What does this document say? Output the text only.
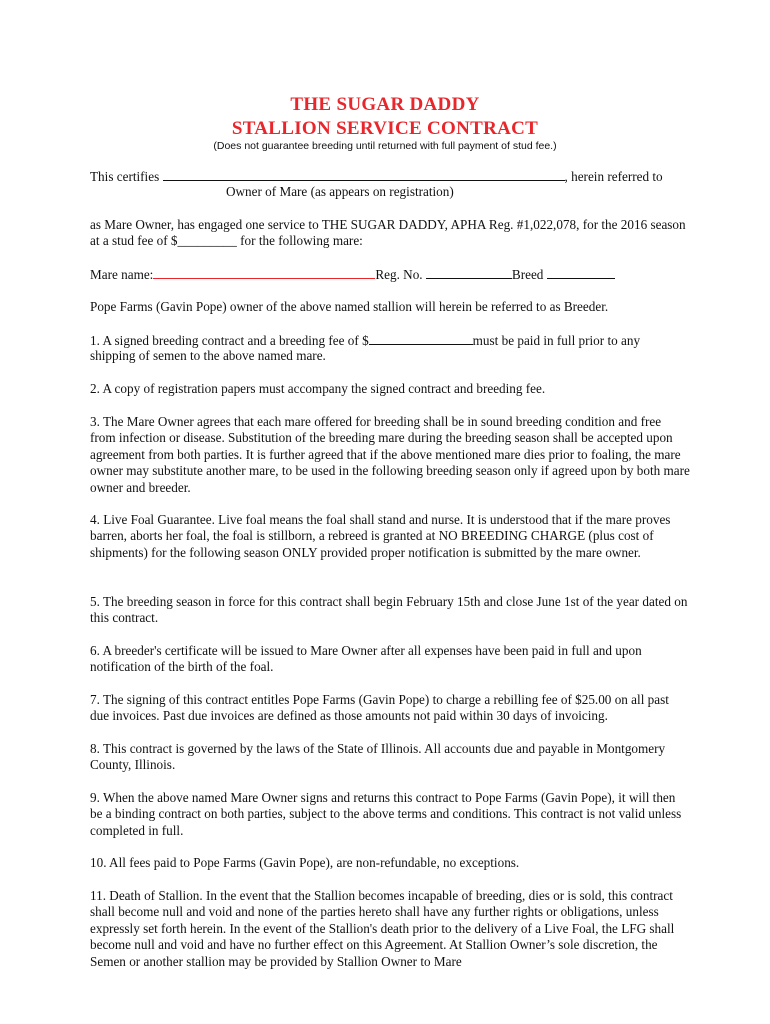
THE SUGAR DADDY
STALLION SERVICE CONTRACT
(Does not guarantee breeding until returned with full payment of stud fee.)
This certifies	, herein referred to
Owner of Mare (as appears on registration)
as Mare Owner, has engaged one service to THE SUGAR DADDY, APHA Reg. #1,022,078, for the 2016 season at a stud fee of $_________ for the following mare:
Mare name:	Reg. No.	Breed
Pope Farms (Gavin Pope) owner of the above named stallion will herein be referred to as Breeder.
1. A signed breeding contract and a breeding fee of $	must be paid in full prior to any
shipping of semen to the above named mare.
2. A copy of registration papers must accompany the signed contract and breeding fee.
3. The Mare Owner agrees that each mare offered for breeding shall be in sound breeding condition and free from infection or disease. Substitution of the breeding mare during the breeding season shall be accepted upon agreement from both parties. It is further agreed that if the above mentioned mare dies prior to foaling, the mare owner may substitute another mare, to be used in the following breeding season only if agreed upon by both mare owner and breeder.
4. Live Foal Guarantee. Live foal means the foal shall stand and nurse. It is understood that if the mare proves barren, aborts her foal, the foal is stillborn, a rebreed is granted at NO BREEDING CHARGE (plus cost of shipments) for the following season ONLY provided proper notification is submitted by the mare owner.
5. The breeding season in force for this contract shall begin February 15th and close June 1st of the year dated on this contract.
6. A breeder's certificate will be issued to Mare Owner after all expenses have been paid in full and upon notification of the birth of the foal.
7. The signing of this contract entitles Pope Farms (Gavin Pope) to charge a rebilling fee of $25.00 on all past due invoices. Past due invoices are defined as those amounts not paid within 30 days of invoicing.
8. This contract is governed by the laws of the State of Illinois. All accounts due and payable in Montgomery County, Illinois.
9. When the above named Mare Owner signs and returns this contract to Pope Farms (Gavin Pope), it will then be a binding contract on both parties, subject to the above terms and conditions. This contract is not valid unless completed in full.
10. All fees paid to Pope Farms (Gavin Pope), are non-refundable, no exceptions.
11. Death of Stallion. In the event that the Stallion becomes incapable of breeding, dies or is sold, this contract shall become null and void and none of the parties hereto shall have any further rights or obligations, unless expressly set forth herein. In the event of the Stallion's death prior to the delivery of a Live Foal, the LFG shall become null and void and have no further effect on this Agreement. At Stallion Owner’s sole discretion, the Semen or another stallion may be provided by Stallion Owner to Mare
